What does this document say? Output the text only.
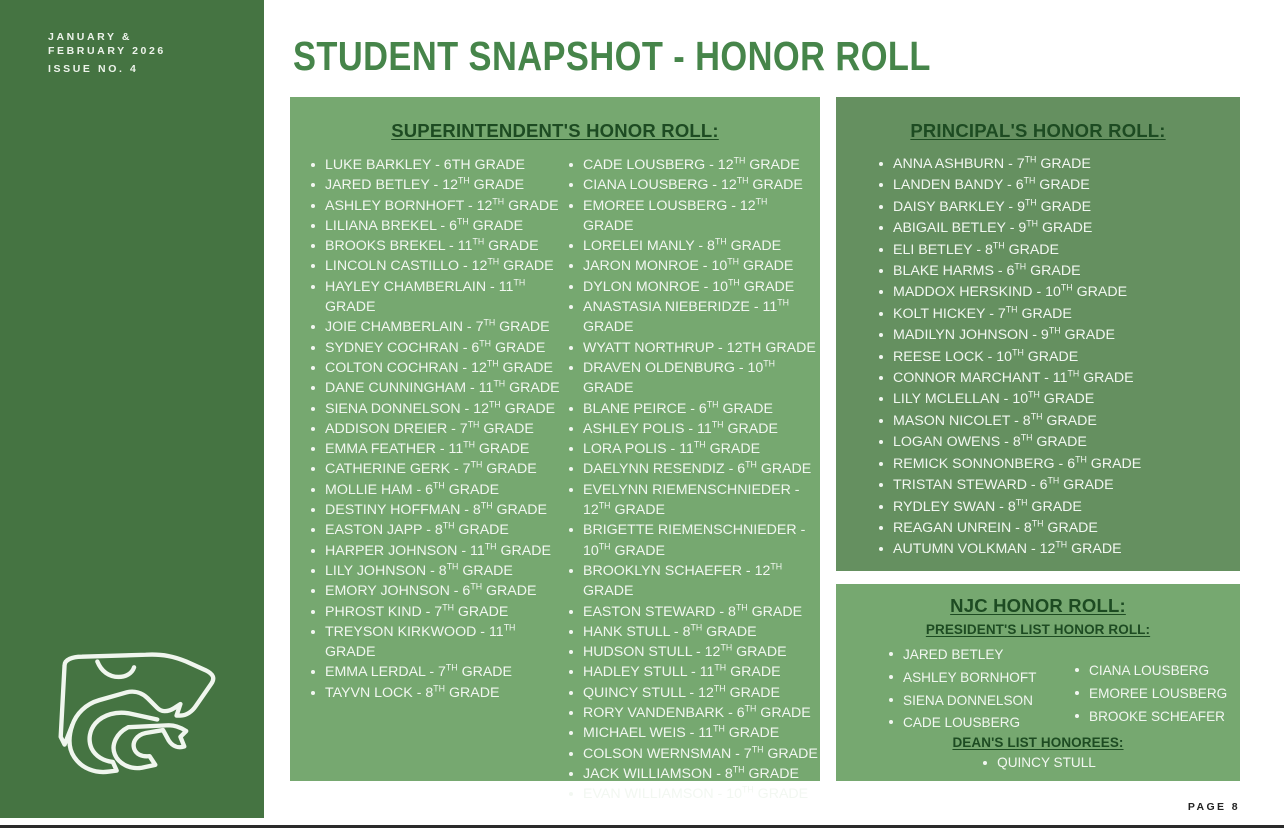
JANUARY &
FEBRUARY 2026
ISSUE NO. 4	STUDENT SNAPSHOT - HONOR ROLL
SUPERINTENDENT'S HONOR ROLL:
LUKE BARKLEY - 6TH GRADE
JARED BETLEY - 12TH GRADE
ASHLEY BORNHOFT - 12TH GRADE
LILIANA BREKEL - 6TH GRADE
BROOKS BREKEL - 11TH GRADE
LINCOLN CASTILLO - 12TH GRADE
HAYLEY CHAMBERLAIN - 11TH GRADE
JOIE CHAMBERLAIN - 7TH GRADE
SYDNEY COCHRAN - 6TH GRADE
COLTON COCHRAN - 12TH GRADE
DANE CUNNINGHAM - 11TH GRADE
SIENA DONNELSON - 12TH GRADE
ADDISON DREIER - 7TH GRADE
EMMA FEATHER - 11TH GRADE
CATHERINE GERK - 7TH GRADE
MOLLIE HAM - 6TH GRADE
DESTINY HOFFMAN - 8TH GRADE
EASTON JAPP - 8TH GRADE
HARPER JOHNSON - 11TH GRADE
LILY JOHNSON - 8TH GRADE
EMORY JOHNSON - 6TH GRADE
PHROST KIND - 7TH GRADE
TREYSON KIRKWOOD - 11TH GRADE
EMMA LERDAL - 7TH GRADE
TAYVN LOCK - 8TH GRADE
CADE LOUSBERG - 12TH GRADE
CIANA LOUSBERG - 12TH GRADE
EMOREE LOUSBERG - 12TH GRADE
LORELEI MANLY - 8TH GRADE
JARON MONROE - 10TH GRADE
DYLON MONROE - 10TH GRADE
ANASTASIA NIEBERIDZE - 11TH GRADE
WYATT NORTHRUP - 12TH GRADE
DRAVEN OLDENBURG - 10TH GRADE
BLANE PEIRCE - 6TH GRADE
ASHLEY POLIS - 11TH GRADE
LORA POLIS - 11TH GRADE
DAELYNN RESENDIZ - 6TH GRADE
EVELYNN RIEMENSCHNIEDER - 12TH GRADE
BRIGETTE RIEMENSCHNIEDER - 10TH GRADE
BROOKLYN SCHAEFER - 12TH GRADE
EASTON STEWARD - 8TH GRADE
HANK STULL - 8TH GRADE
HUDSON STULL - 12TH GRADE
HADLEY STULL - 11TH GRADE
QUINCY STULL - 12TH GRADE
RORY VANDENBARK - 6TH GRADE
MICHAEL WEIS - 11TH GRADE
COLSON WERNSMAN - 7TH GRADE
JACK WILLIAMSON - 8TH GRADE
EVAN WILLIAMSON - 10TH GRADE
PRINCIPAL'S HONOR ROLL:
ANNA ASHBURN - 7TH GRADE
LANDEN BANDY - 6TH GRADE
DAISY BARKLEY - 9TH GRADE
ABIGAIL BETLEY - 9TH GRADE
ELI BETLEY - 8TH GRADE
BLAKE HARMS - 6TH GRADE
MADDOX HERSKIND - 10TH GRADE
KOLT HICKEY - 7TH GRADE
MADILYN JOHNSON - 9TH GRADE
REESE LOCK - 10TH GRADE
CONNOR MARCHANT - 11TH GRADE
LILY MCLELLAN - 10TH GRADE
MASON NICOLET - 8TH GRADE
LOGAN OWENS - 8TH GRADE
REMICK SONNONBERG - 6TH GRADE
TRISTAN STEWARD - 6TH GRADE
RYDLEY SWAN - 8TH GRADE
REAGAN UNREIN - 8TH GRADE
AUTUMN VOLKMAN - 12TH GRADE
NJC HONOR ROLL:
PRESIDENT'S LIST HONOR ROLL:
JARED BETLEY
ASHLEY BORNHOFT
SIENA DONNELSON
CADE LOUSBERG
CIANA LOUSBERG
EMOREE LOUSBERG
BROOKE SCHEAFER
DEAN'S LIST HONOREES:
QUINCY STULL
PAGE 8
